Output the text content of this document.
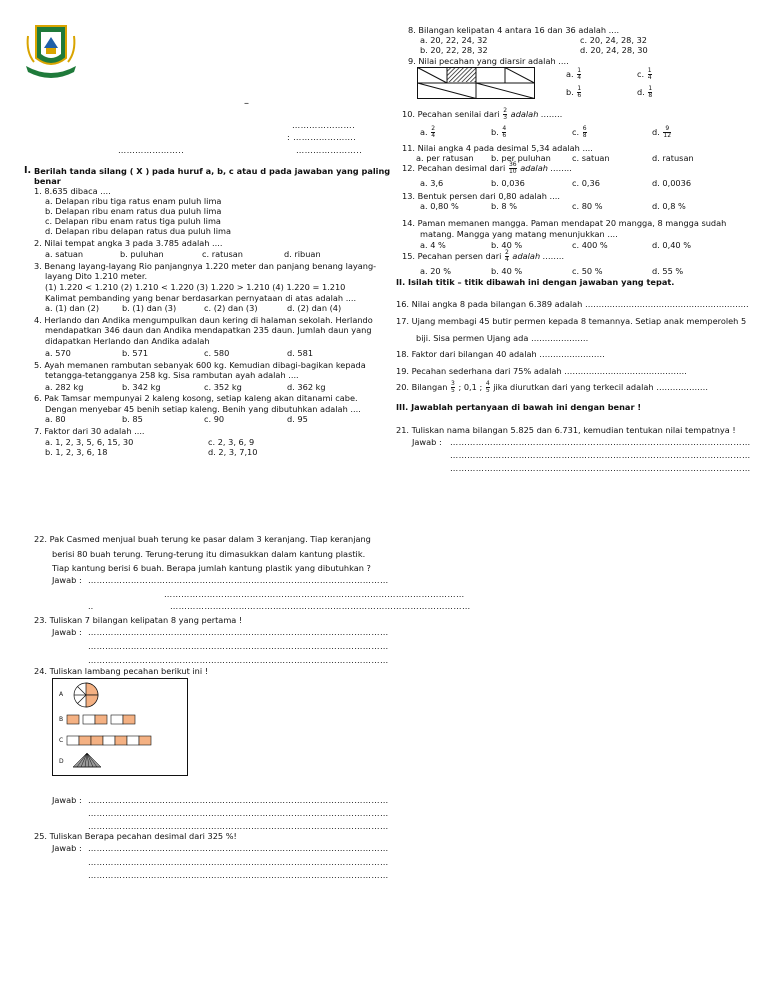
–
………………….
: ………………….
…………………..	…………………..
I. Berilah tanda silang ( X ) pada huruf a, b, c atau d pada jawaban yang paling
benar
1. 8.635 dibaca ....
a. Delapan ribu tiga ratus enam puluh lima
b. Delapan ribu enam ratus dua puluh lima
c. Delapan ribu enam ratus tiga puluh lima
d. Delapan ribu delapan ratus dua puluh lima
2. Nilai tempat angka 3 pada 3.785 adalah ....
a. satuan	b. puluhan	c. ratusan	d. ribuan
3. Benang layang-layang Rio panjangnya 1.220 meter dan panjang benang layang-
layang Dito 1.210 meter.
(1) 1.220 < 1.210 (2) 1.210 < 1.220 (3) 1.220 > 1.210 (4) 1.220 = 1.210
Kalimat pembanding yang benar berdasarkan pernyataan di atas adalah ....
a. (1) dan (2)	b. (1) dan (3)	c. (2) dan (3)	d. (2) dan (4)
4. Herlando dan Andika mengumpulkan daun kering di halaman sekolah. Herlando
mendapatkan 346 daun dan Andika mendapatkan 235 daun. Jumlah daun yang
didapatkan Herlando dan Andika adalah
a. 570	b. 571	c. 580	d. 581
5. Ayah memanen rambutan sebanyak 600 kg. Kemudian dibagi-bagikan kepada
tetangga-tetangganya 258 kg. Sisa rambutan ayah adalah ....
a. 282 kg	b. 342 kg	c. 352 kg	d. 362 kg
6. Pak Tamsar mempunyai 2 kaleng kosong, setiap kaleng akan ditanami cabe.
Dengan menyebar 45 benih setiap kaleng. Benih yang dibutuhkan adalah ....
a. 80	b. 85	c. 90	d. 95
7. Faktor dari 30 adalah ....
a. 1, 2, 3, 5, 6, 15, 30	c. 2, 3, 6, 9
b. 1, 2, 3, 6, 18	d. 2, 3, 7,10
8. Bilangan kelipatan 4 antara 16 dan 36 adalah ....
a. 20, 22, 24, 32	c. 20, 24, 28, 32
b. 20, 22, 28, 32	d. 20, 24, 28, 30
9. Nilai pecahan yang diarsir adalah ....
a. $\frac{1}{4}$	c. $\frac{1}{4}$
b. $\frac{1}{6}$	d. $\frac{1}{8}$
10. Pecahan senilai dari $\frac{2}{3}$ adalah ……..
a. $\frac{2}{4}$	b. $\frac{4}{6}$	c. $\frac{6}{8}$	d. $\frac{9}{12}$
11. Nilai angka 4 pada desimal 5,34 adalah ....
a. per ratusan b. per puluhan	c. satuan	d. ratusan
12. Pecahan desimal dari $\frac{36}{10}$ adalah ……..
a. 3,6	b. 0,036	c. 0,36	d. 0,0036
13. Bentuk persen dari 0,80 adalah ....
a. 0,80 %	b. 8 %	c. 80 %	d. 0,8 %
14. Paman memanen mangga. Paman mendapat 20 mangga, 8 mangga sudah
matang. Mangga yang matang menunjukkan ....
a. 4 %	b. 40 %	c. 400 %	d. 0,40 %
15. Pecahan persen dari $\frac{2}{4}$ adalah ……..
a. 20 %	b. 40 %	c. 50 %	d. 55 %
II. Isilah titik – titik dibawah ini dengan jawaban yang tepat.
16. Nilai angka 8 pada bilangan 6.389 adalah ……………………………………………………
17. Ujang membagi 45 butir permen kepada 8 temannya. Setiap anak memperoleh 5
biji. Sisa permen Ujang ada …………………
18. Faktor dari bilangan 40 adalah ……………………
19. Pecahan sederhana dari 75% adalah ………………………………………
20. Bilangan $\frac{3}{5}$ ; 0,1 ; $\frac{4}{5}$ jika diurutkan dari yang terkecil adalah ……………….
III. Jawablah pertanyaan di bawah ini dengan benar !
21. Tuliskan nama bilangan 5.825 dan 6.731, kemudian tentukan nilai tempatnya !
Jawab : ……………………………………………………………………………………………
……………………………………………………………………………………………
……………………………………………………………………………………………
22. Pak Casmed menjual buah terung ke pasar dalam 3 keranjang. Tiap keranjang
berisi 80 buah terung. Terung-terung itu dimasukkan dalam kantung plastik.
Tiap kantung berisi 6 buah. Berapa jumlah kantung plastik yang dibutuhkan ?
Jawab : ……………………………………………………………………………………………
……………………………………………………………………………………………
..	……………………………………………………………………………………………
23. Tuliskan 7 bilangan kelipatan 8 yang pertama !
Jawab : ……………………………………………………………………………………………
……………………………………………………………………………………………
……………………………………………………………………………………………
24. Tuliskan lambang pecahan berikut ini !
A
B
C
D
Jawab : ……………………………………………………………………………………………
……………………………………………………………………………………………
……………………………………………………………………………………………
25. Tuliskan Berapa pecahan desimal dari 325 %!
Jawab : ……………………………………………………………………………………………
……………………………………………………………………………………………
……………………………………………………………………………………………
